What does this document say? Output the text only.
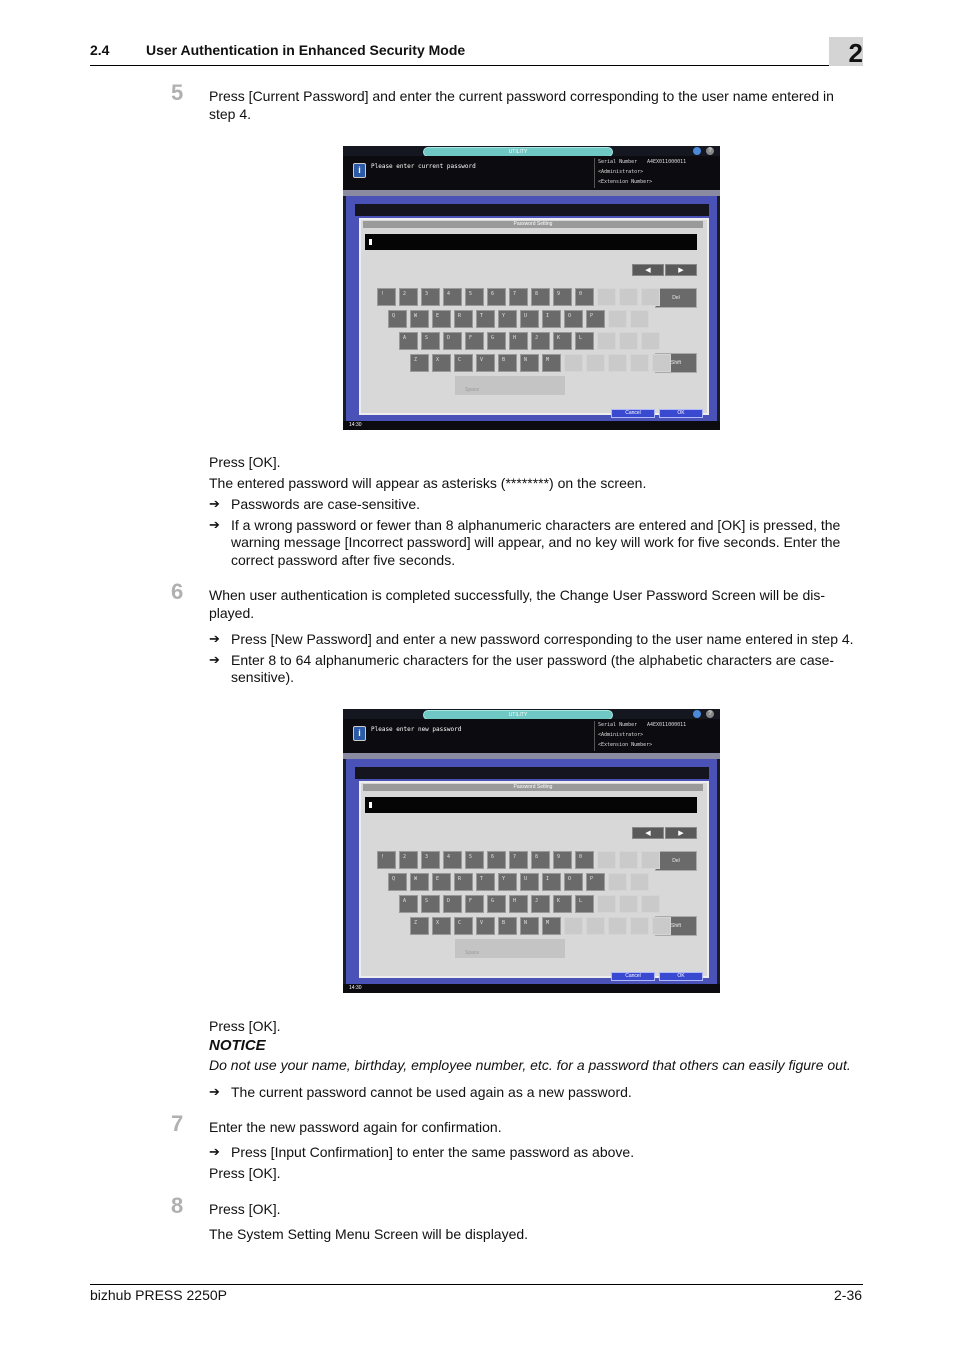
2.4	User Authentication in Enhanced Security Mode	2
5 Press [Current Password] and enter the current password corresponding to the user name entered in
step 4.
UTILITY	?
i	Please enter current password
Serial Number A4EX011000011
<Administrator>
<Extension Number>
Password Setting
◀	▶
Del
Shift
Space
Cancel	OK
14:30
!	2	3	4	5	6	7	8	9	0
Q	W	E	R	T	Y	U	I	O	P
A	S	D	F	G	H	J	K	L
Z	X	C	V	B	N	M
Press [OK].
The entered password will appear as asterisks (********) on the screen.
➔ Passwords are case-sensitive.
➔ If a wrong password or fewer than 8 alphanumeric characters are entered and [OK] is pressed, the
warning message [Incorrect password] will appear, and no key will work for five seconds. Enter the
correct password after five seconds.
6 When user authentication is completed successfully, the Change User Password Screen will be dis-
played.
➔ Press [New Password] and enter a new password corresponding to the user name entered in step 4.
➔ Enter 8 to 64 alphanumeric characters for the user password (the alphabetic characters are case-
sensitive).
UTILITY	?
i	Please enter new password
Serial Number A4EX011000011
<Administrator>
<Extension Number>
Password Setting
◀	▶
Del
Shift
Space
Cancel	OK
14:30
!	2	3	4	5	6	7	8	9	0
Q	W	E	R	T	Y	U	I	O	P
A	S	D	F	G	H	J	K	L
Z	X	C	V	B	N	M
Press [OK].
NOTICE
Do not use your name, birthday, employee number, etc. for a password that others can easily figure out.
➔ The current password cannot be used again as a new password.
7 Enter the new password again for confirmation.
➔ Press [Input Confirmation] to enter the same password as above.
Press [OK].
8 Press [OK].
The System Setting Menu Screen will be displayed.
bizhub PRESS 2250P	2-36
